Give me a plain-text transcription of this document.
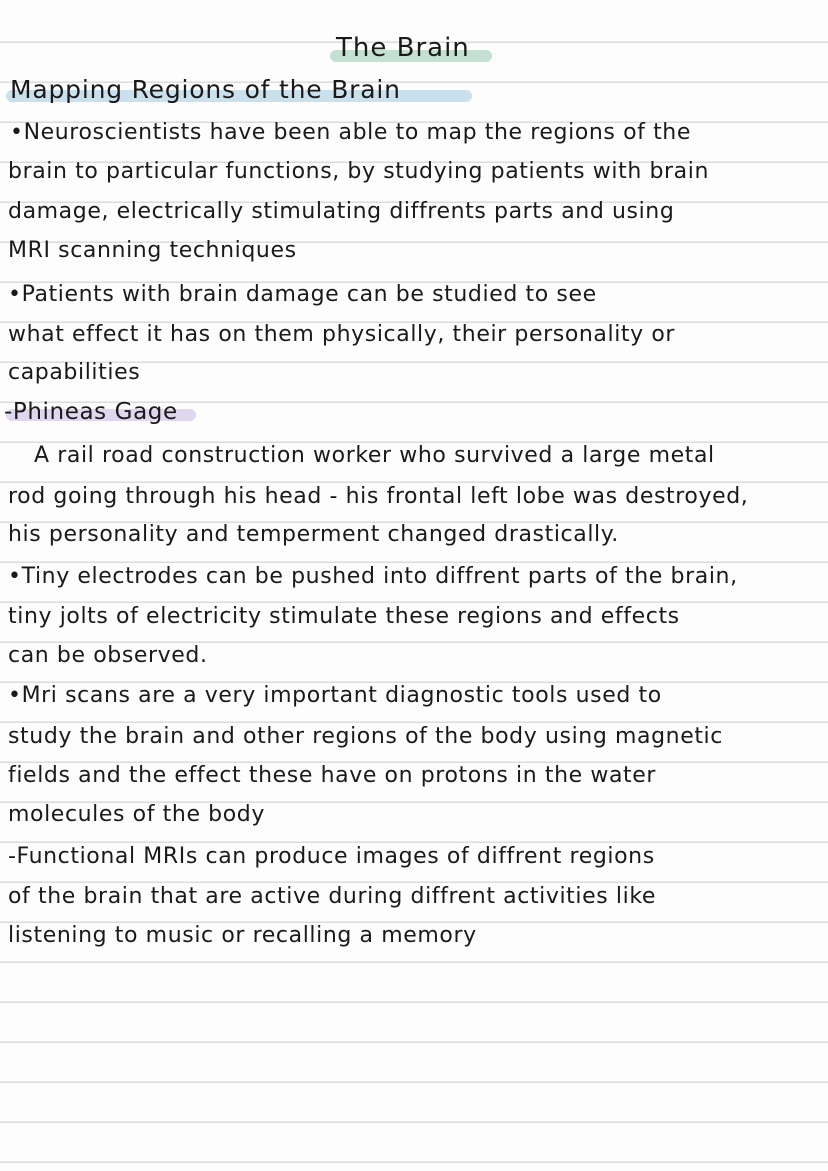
The Brain
Mapping Regions of the Brain
•Neuroscientists have been able to map the regions of the
brain to particular functions, by studying patients with brain
damage, electrically stimulating diffrents parts and using
MRI scanning techniques
•Patients with brain damage can be studied to see
what effect it has on them physically, their personality or
capabilities
-Phineas Gage
A rail road construction worker who survived a large metal
rod going through his head - his frontal left lobe was destroyed,
his personality and temperment changed drastically.
•Tiny electrodes can be pushed into diffrent parts of the brain,
tiny jolts of electricity stimulate these regions and effects
can be observed.
•Mri scans are a very important diagnostic tools used to
study the brain and other regions of the body using magnetic
fields and the effect these have on protons in the water
molecules of the body
-Functional MRIs can produce images of diffrent regions
of the brain that are active during diffrent activities like
listening to music or recalling a memory
